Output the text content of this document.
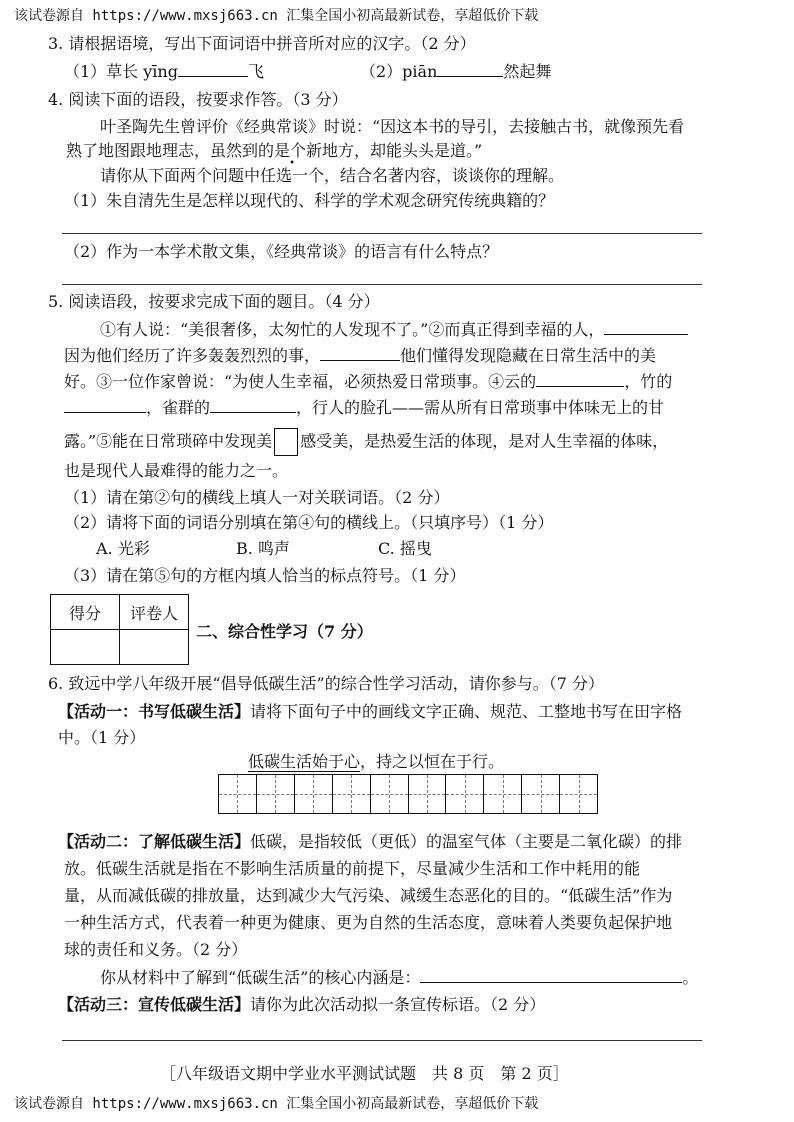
该试卷源自 https://www.mxsj663.cn 汇集全国小初高最新试卷，享超低价下载
3. 请根据语境，写出下面词语中拼音所对应的汉字。（2 分）
（1）草长 yīng	飞	（2）piān	然起舞
4. 阅读下面的语段，按要求作答。（3 分）
叶圣陶先生曾评价《经典常谈》时说：“因这本书的导引，去接触古书，就像预先看
熟了地图跟地理志，虽然到的是个新地方，却能头头是道。”
请你从下面两个问题中任选一个，结合名著内容，谈谈你的理解。
（1）朱自清先生是怎样以现代的、科学的学术观念研究传统典籍的？
（2）作为一本学术散文集，《经典常谈》的语言有什么特点？
5. 阅读语段，按要求完成下面的题目。（4 分）
①有人说：“美很奢侈，太匆忙的人发现不了。”②而真正得到幸福的人，
因为他们经历了许多轰轰烈烈的事，	他们懂得发现隐藏在日常生活中的美
好。③一位作家曾说：“为使人生幸福，必须热爱日常琐事。④云的	，竹的
，雀群的	，行人的脸孔——需从所有日常琐事中体味无上的甘
露。”⑤能在日常琐碎中发现美 感受美，是热爱生活的体现，是对人生幸福的体味，
也是现代人最难得的能力之一。
（1）请在第②句的横线上填人一对关联词语。（2 分）
（2）请将下面的词语分别填在第④句的横线上。（只填序号）（1 分）
A. 光彩	B. 鸣声	C. 摇曳
（3）请在第⑤句的方框内填人恰当的标点符号。（1 分）
得分	评卷人

二、综合性学习（7 分）
6. 致远中学八年级开展“倡导低碳生活”的综合性学习活动，请你参与。（7 分）
【活动一：书写低碳生活】请将下面句子中的画线文字正确、规范、工整地书写在田字格
中。（1 分）
低碳生活始于心，持之以恒在于行。
【活动二：了解低碳生活】低碳，是指较低（更低）的温室气体（主要是二氧化碳）的排
放。低碳生活就是指在不影响生活质量的前提下，尽量减少生活和工作中耗用的能
量，从而减低碳的排放量，达到减少大气污染、减缓生态恶化的目的。“低碳生活”作为
一种生活方式，代表着一种更为健康、更为自然的生活态度，意味着人类要负起保护地
球的责任和义务。（2 分）
你从材料中了解到“低碳生活”的核心内涵是：	。
【活动三：宣传低碳生活】请你为此次活动拟一条宣传标语。（2 分）
［八年级语文期中学业水平测试试题　共 8 页　第 2 页］
该试卷源自 https://www.mxsj663.cn 汇集全国小初高最新试卷，享超低价下载
